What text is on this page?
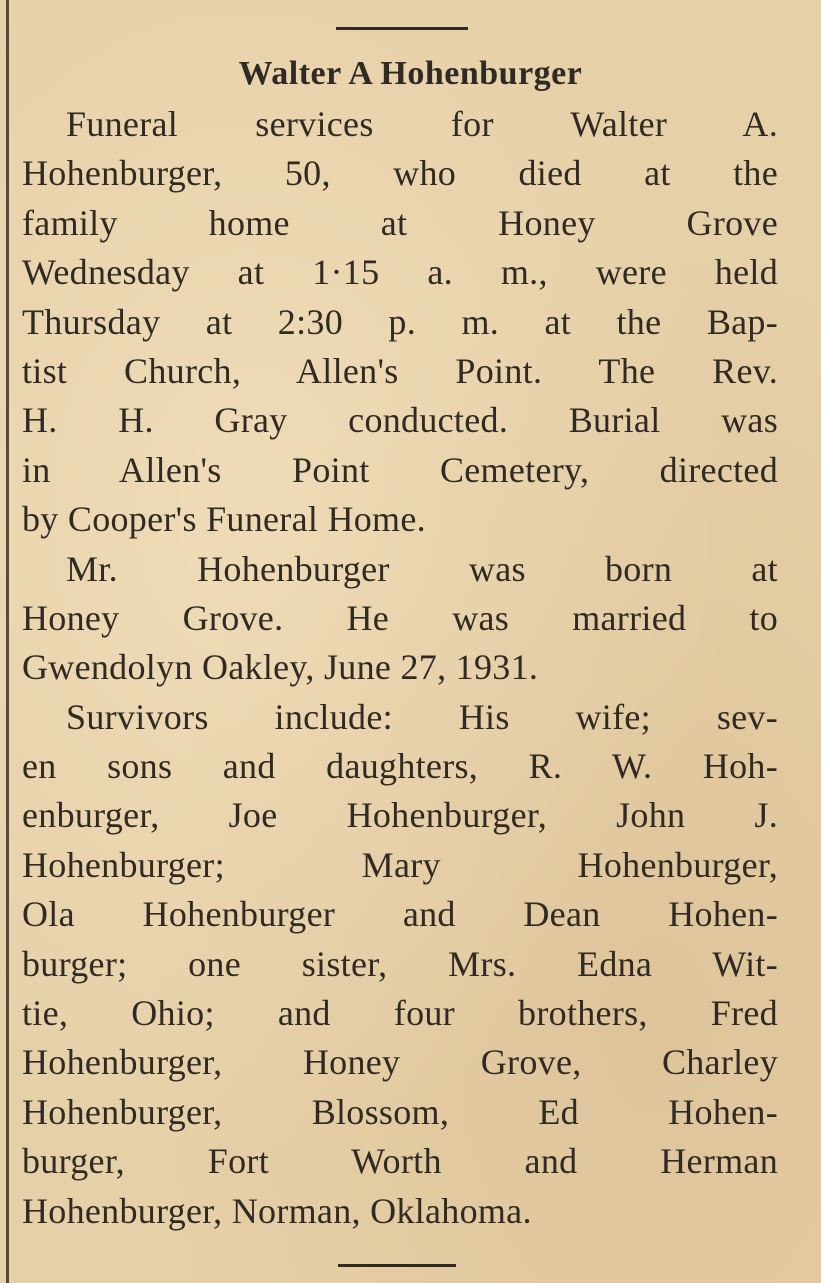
Walter A Hohenburger
Funeral services for Walter A.
Hohenburger, 50, who died at the
family home at Honey Grove
Wednesday at 1·15 a. m., were held
Thursday at 2:30 p. m. at the Bap-
tist Church, Allen's Point. The Rev.
H. H. Gray conducted. Burial was
in Allen's Point Cemetery, directed
by Cooper's Funeral Home.
Mr. Hohenburger was born at
Honey Grove. He was married to
Gwendolyn Oakley, June 27, 1931.
Survivors include: His wife; sev-
en sons and daughters, R. W. Hoh-
enburger, Joe Hohenburger, John J.
Hohenburger; Mary Hohenburger,
Ola Hohenburger and Dean Hohen-
burger; one sister, Mrs. Edna Wit-
tie, Ohio; and four brothers, Fred
Hohenburger, Honey Grove, Charley
Hohenburger, Blossom, Ed Hohen-
burger, Fort Worth and Herman
Hohenburger, Norman, Oklahoma.
